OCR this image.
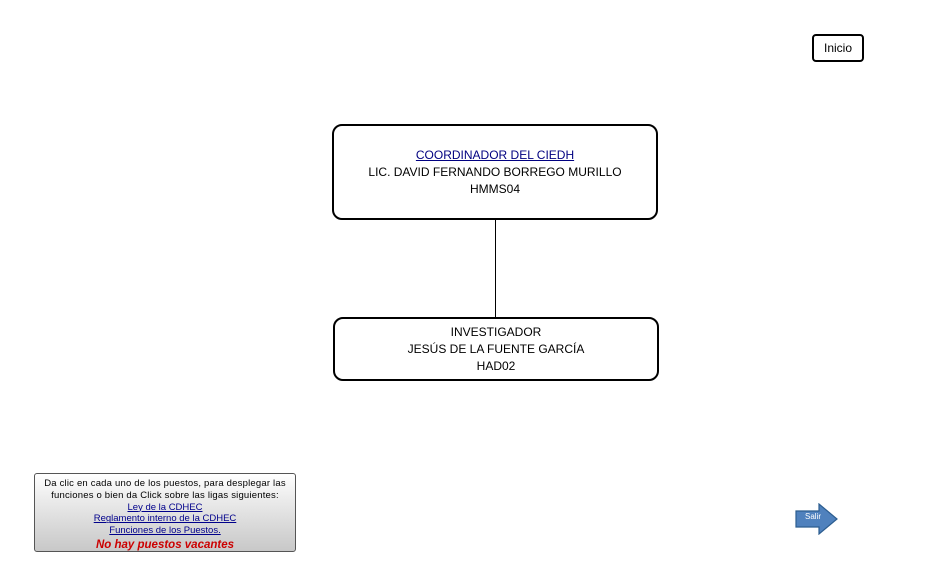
Inicio
COORDINADOR DEL CIEDH
LIC. DAVID FERNANDO BORREGO MURILLO
HMMS04
INVESTIGADOR
JESÚS DE LA FUENTE GARCÍA
HAD02
Da clic en cada uno de los puestos, para desplegar las funciones o bien da Click sobre las ligas siguientes:
Ley de la CDHEC
Reglamento interno de la CDHEC
Funciones de los Puestos.
No hay puestos vacantes
Salir
